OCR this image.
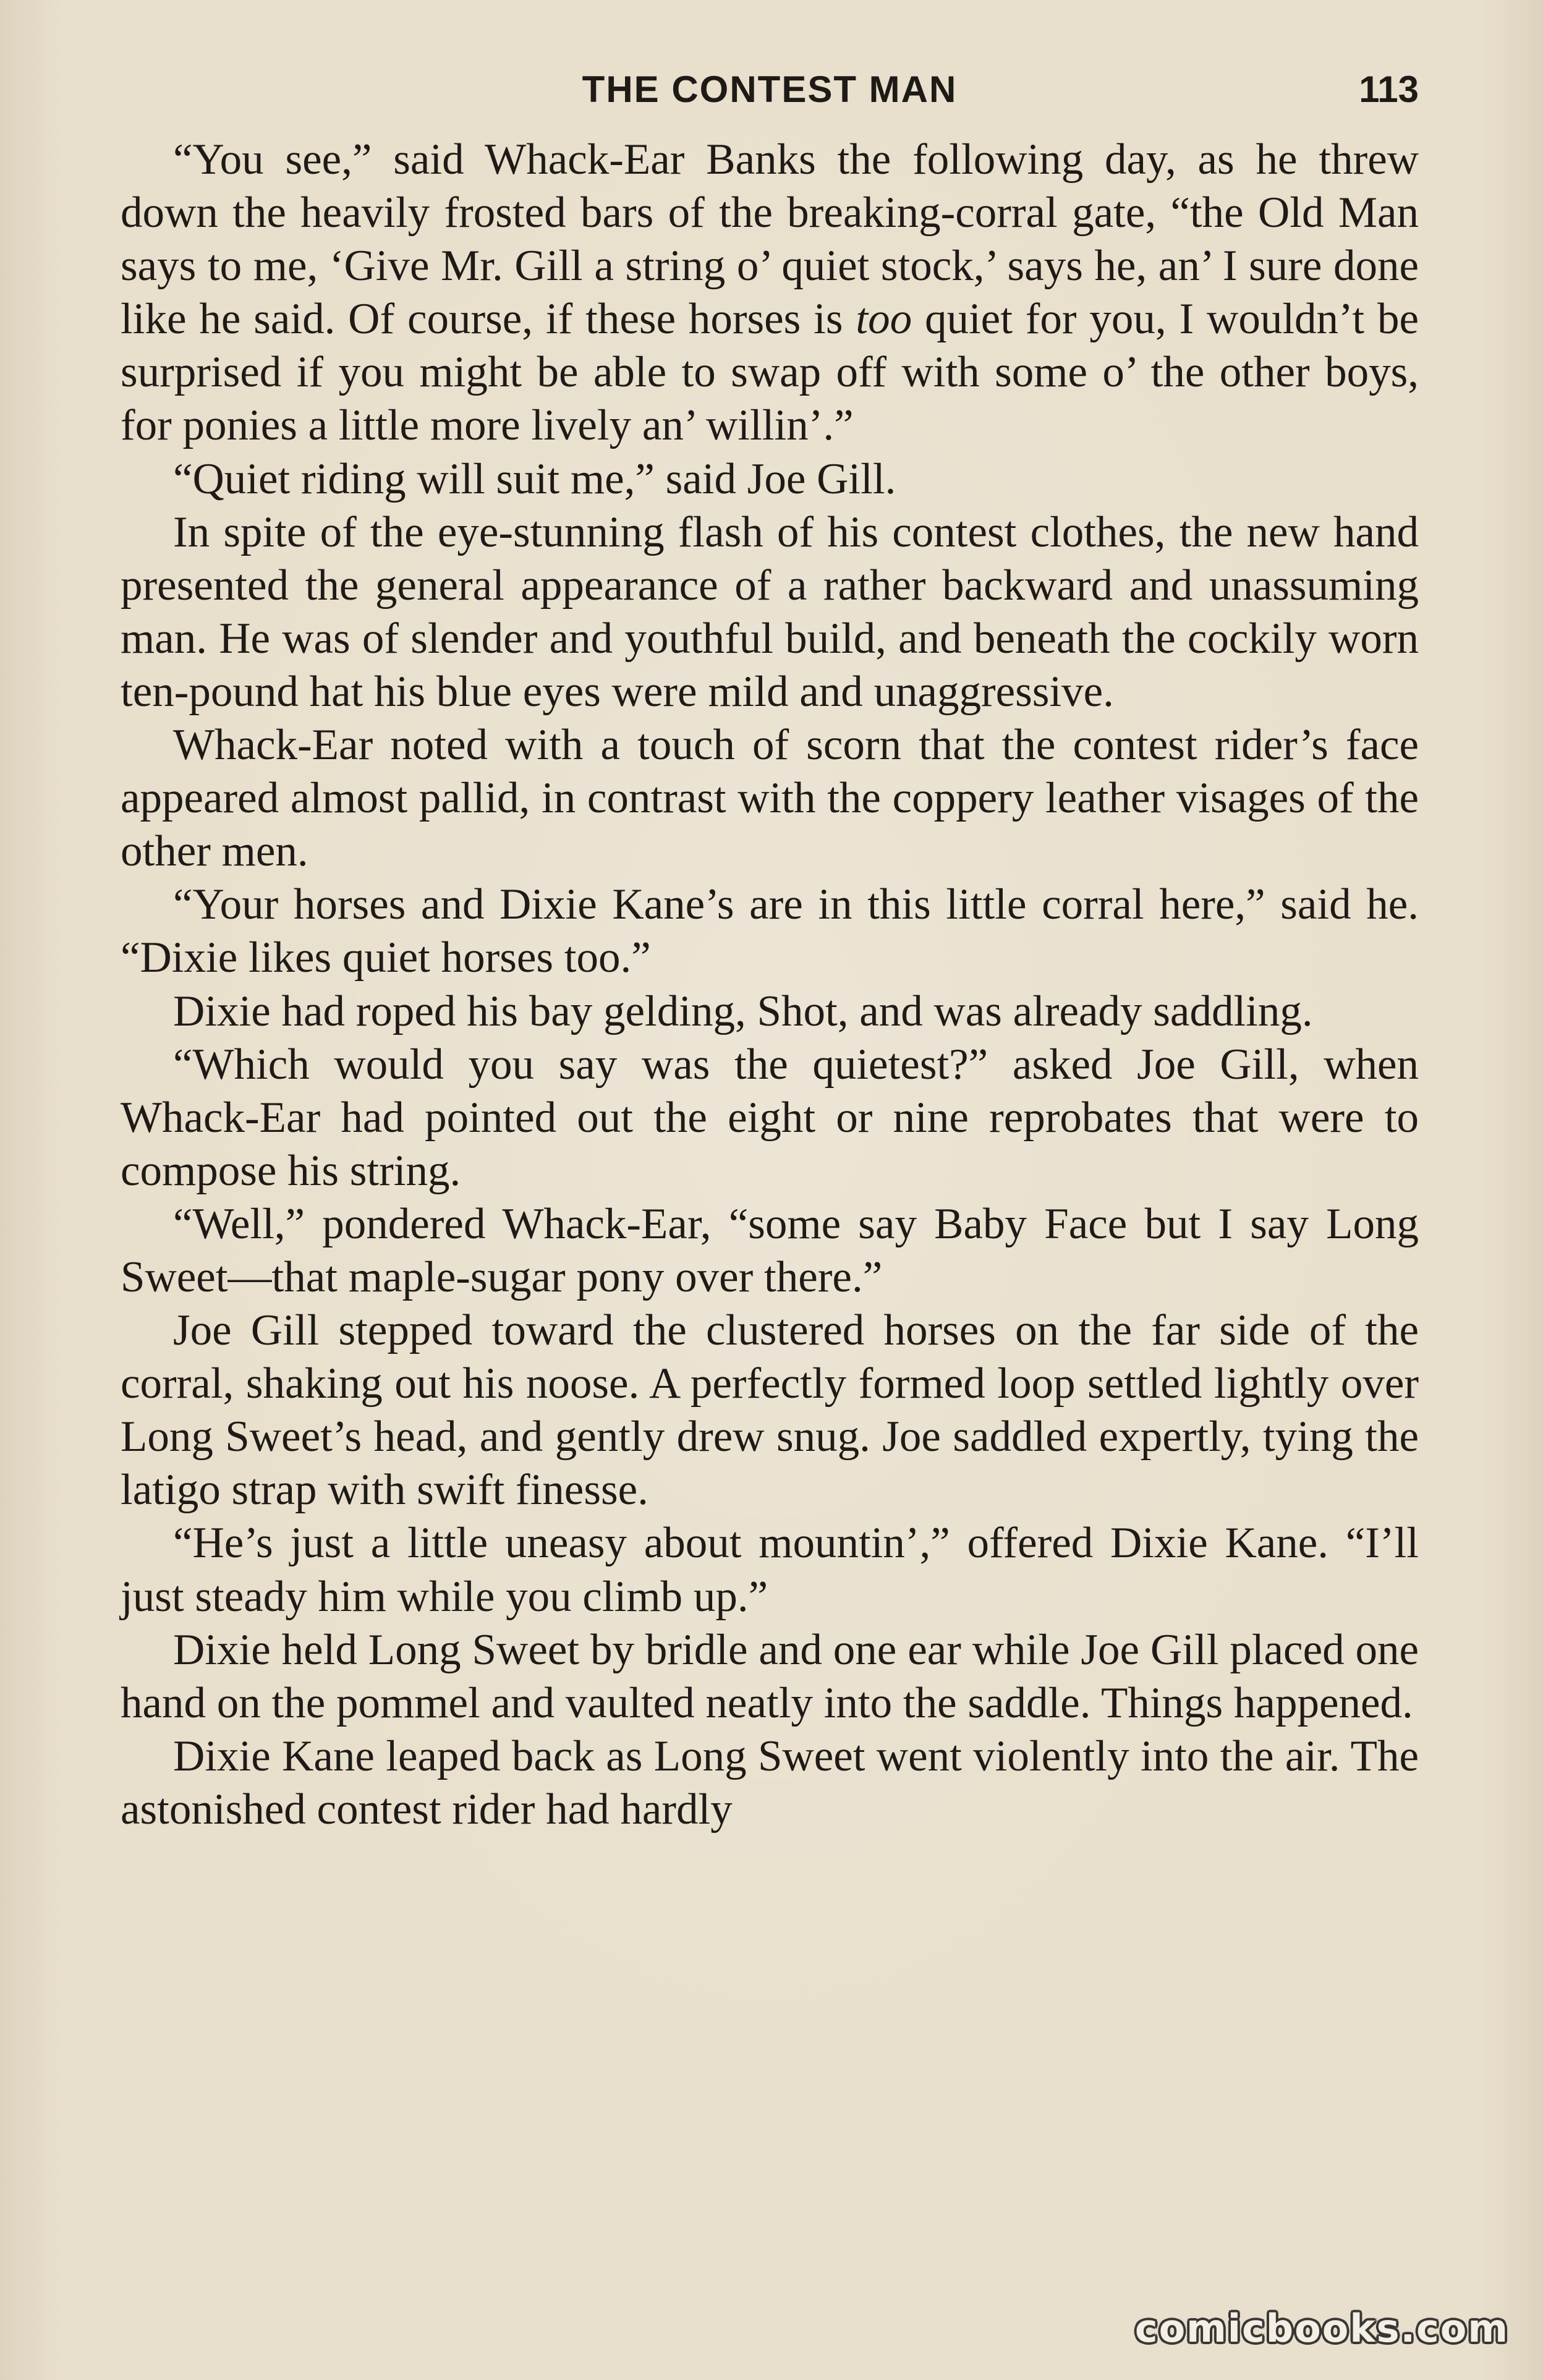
THE CONTEST MAN	113

“You see,” said Whack-Ear Banks the following day, as he threw down the heavily frosted bars of the breaking-corral gate, “the Old Man says to me, ‘Give Mr. Gill a string o’ quiet stock,’ says he, an’ I sure done like he said. Of course, if these horses is too quiet for you, I wouldn’t be surprised if you might be able to swap off with some o’ the other boys, for ponies a little more lively an’ willin’.”

“Quiet riding will suit me,” said Joe Gill.

In spite of the eye-stunning flash of his contest clothes, the new hand presented the general appearance of a rather backward and unassuming man. He was of slender and youthful build, and beneath the cockily worn ten-pound hat his blue eyes were mild and unaggressive.

Whack-Ear noted with a touch of scorn that the contest rider’s face appeared almost pallid, in contrast with the coppery leather visages of the other men.

“Your horses and Dixie Kane’s are in this little corral here,” said he. “Dixie likes quiet horses too.”

Dixie had roped his bay gelding, Shot, and was already saddling.

“Which would you say was the quietest?” asked Joe Gill, when Whack-Ear had pointed out the eight or nine reprobates that were to compose his string.

“Well,” pondered Whack-Ear, “some say Baby Face but I say Long Sweet—that maple-sugar pony over there.”

Joe Gill stepped toward the clustered horses on the far side of the corral, shaking out his noose. A perfectly formed loop settled lightly over Long Sweet’s head, and gently drew snug. Joe saddled expertly, tying the latigo strap with swift finesse.

“He’s just a little uneasy about mountin’,” offered Dixie Kane. “I’ll just steady him while you climb up.”

Dixie held Long Sweet by bridle and one ear while Joe Gill placed one hand on the pommel and vaulted neatly into the saddle. Things happened.

Dixie Kane leaped back as Long Sweet went violently into the air. The astonished contest rider had hardly

comicbooks.com
